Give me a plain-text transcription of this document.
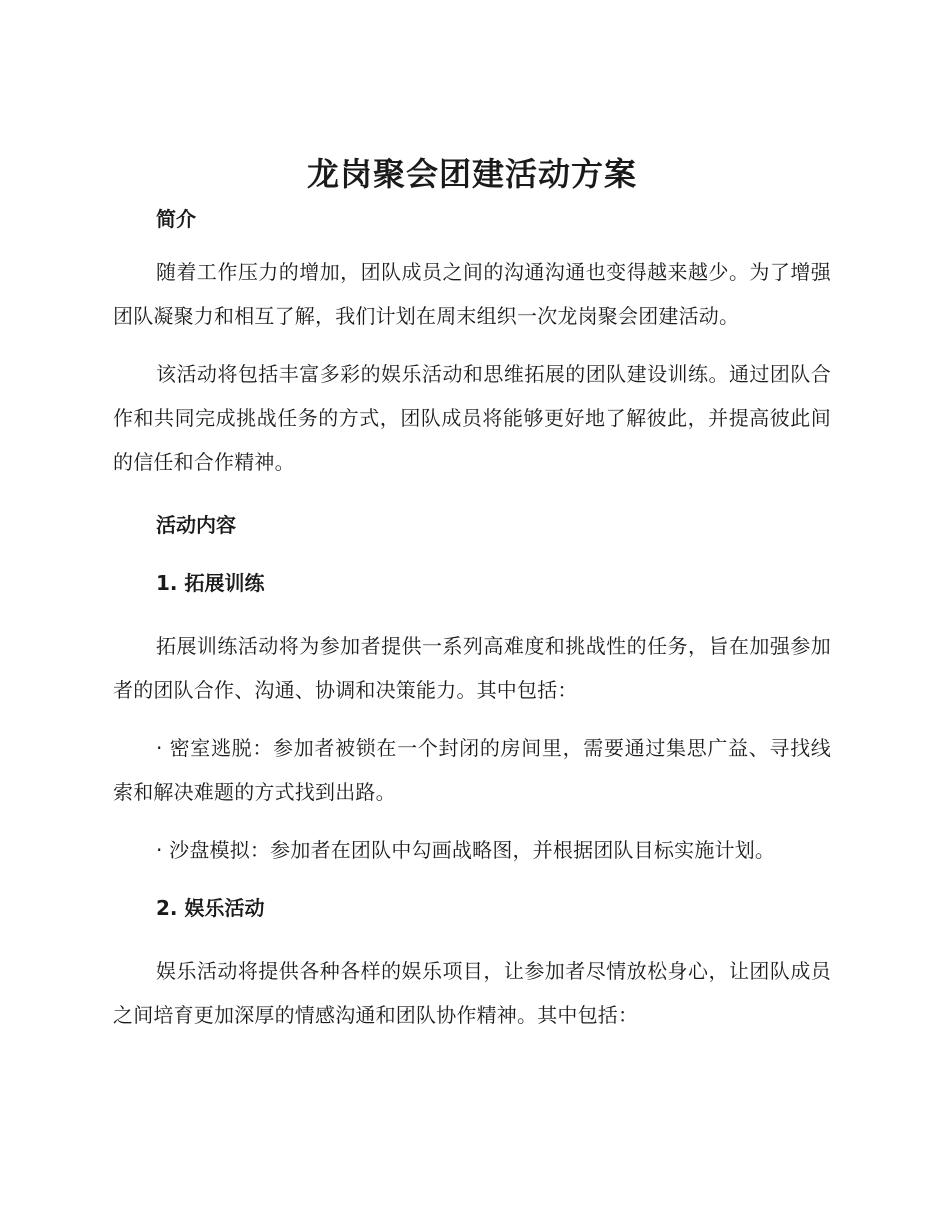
龙岗聚会团建活动方案

简介

随着工作压力的增加，团队成员之间的沟通沟通也变得越来越少。为了增强团队凝聚力和相互了解，我们计划在周末组织一次龙岗聚会团建活动。

该活动将包括丰富多彩的娱乐活动和思维拓展的团队建设训练。通过团队合作和共同完成挑战任务的方式，团队成员将能够更好地了解彼此，并提高彼此间的信任和合作精神。

活动内容

1. 拓展训练

拓展训练活动将为参加者提供一系列高难度和挑战性的任务，旨在加强参加者的团队合作、沟通、协调和决策能力。其中包括：

· 密室逃脱：参加者被锁在一个封闭的房间里，需要通过集思广益、寻找线索和解决难题的方式找到出路。

· 沙盘模拟：参加者在团队中勾画战略图，并根据团队目标实施计划。

2. 娱乐活动

娱乐活动将提供各种各样的娱乐项目，让参加者尽情放松身心，让团队成员之间培育更加深厚的情感沟通和团队协作精神。其中包括：
